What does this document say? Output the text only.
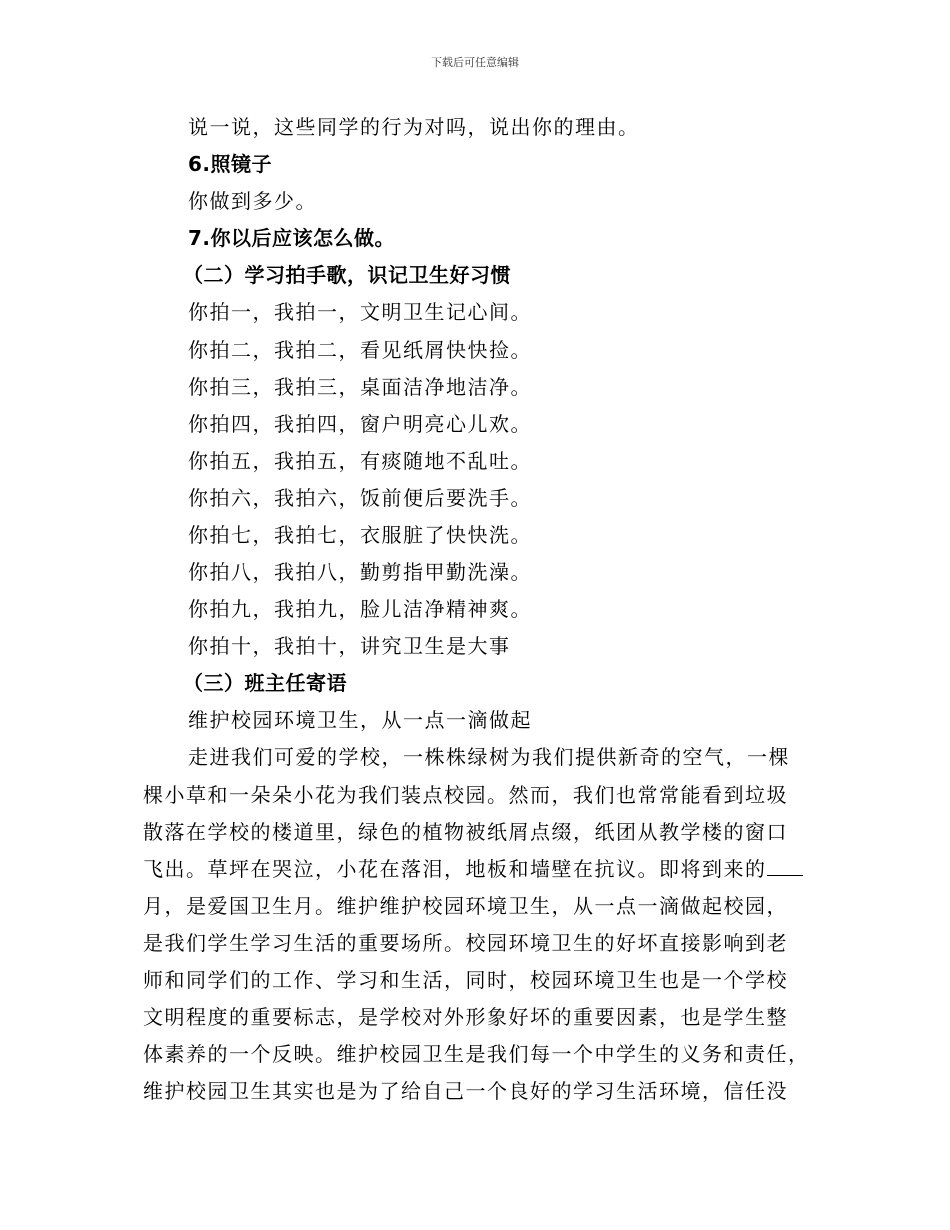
下载后可任意编辑
说一说，这些同学的行为对吗，说出你的理由。
6.照镜子
你做到多少。
7.你以后应该怎么做。
（二）学习拍手歌，识记卫生好习惯
你拍一，我拍一，文明卫生记心间。
你拍二，我拍二，看见纸屑快快捡。
你拍三，我拍三，桌面洁净地洁净。
你拍四，我拍四，窗户明亮心儿欢。
你拍五，我拍五，有痰随地不乱吐。
你拍六，我拍六，饭前便后要洗手。
你拍七，我拍七，衣服脏了快快洗。
你拍八，我拍八，勤剪指甲勤洗澡。
你拍九，我拍九，脸儿洁净精神爽。
你拍十，我拍十，讲究卫生是大事
（三）班主任寄语
维护校园环境卫生，从一点一滴做起
走进我们可爱的学校，一株株绿树为我们提供新奇的空气，一棵
棵小草和一朵朵小花为我们装点校园。然而，我们也常常能看到垃圾
散落在学校的楼道里，绿色的植物被纸屑点缀，纸团从教学楼的窗口
飞出。草坪在哭泣，小花在落泪，地板和墙壁在抗议。即将到来的
月，是爱国卫生月。维护维护校园环境卫生，从一点一滴做起校园，
是我们学生学习生活的重要场所。校园环境卫生的好坏直接影响到老
师和同学们的工作、学习和生活，同时，校园环境卫生也是一个学校
文明程度的重要标志，是学校对外形象好坏的重要因素，也是学生整
体素养的一个反映。维护校园卫生是我们每一个中学生的义务和责任，
维护校园卫生其实也是为了给自己一个良好的学习生活环境，信任没
